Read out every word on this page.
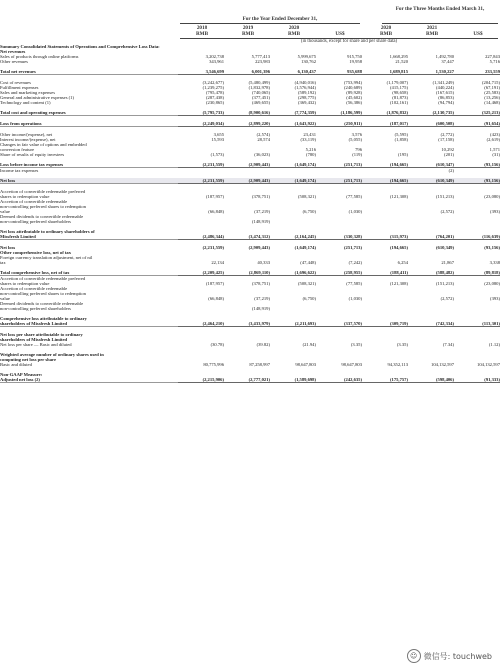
For the Year Ended December 31,
For the Three Months Ended March 31,
2018	2019	2020	2020	2021
RMB	RMB	RMB	US$	RMB	RMB	US$
(in thousands, except for share and per share data)
Summary Consolidated Statements of Operations and Comprehensive Loss Data:							
Net revenues							
Sales of products through online platforms	3,202,738	5,777,413	5,999,675	915,750	1,668,295	1,492,780	227,843
Other revenues	343,961	223,983	130,762	19,958	21,520	37,447	5,716

Total net revenues	3,546,699	6,001,396	6,130,437	935,688	1,689,815	1,530,227	233,559

Cost of revenues	(3,242,677)	(5,480,499)	(4,940,016)	(753,994)	(1,179,007)	(1,341,249)	(204,715)
Fulfillment expenses	(1,239,275)	(1,832,978)	(1,576,944)	(240,689)	(415,175)	(440,224)	(67,191)
Sales and marketing expenses	(795,478)	(740,065)	(589,192)	(89,928)	(98,658)	(167,615)	(25,583)
General and administrative expenses (1)	(287,438)	(377,451)	(298,775)	(45,602)	(81,873)	(86,853)	(13,256)
Technology and content (1)	(230,865)	(469,655)	(369,432)	(56,386)	(102,161)	(94,794)	(14,468)

Total cost and operating expenses	(5,795,733)	(8,900,616)	(7,774,359)	(1,186,599)	(1,876,832)	(2,130,735)	(325,213)

Loss from operations	(2,249,034)	(2,899,220)	(1,643,922)	(250,911)	(187,017)	(600,508)	(91,654)

Other income/(expense), net	3,655	(2,574)	23,431	3,576	(5,595)	(2,772)	(423)
Interest income/(expense), net	15,593	28,574	(33,119)	(5,055)	(1,858)	(17,158)	(2,619)
Changes in fair value of options and embedded							
conversion feature			5,216	796		10,292	1,571
Share of results of equity investees	(1,573)	(36,023)	(780)	(119)	(195)	(201)	(31)

Loss before income tax expenses	(2,231,559)	(2,909,443)	(1,649,174)	(251,713)	(194,665)	(610,347)	(93,156)
Income tax expenses						(2)	

Net loss	(2,231,559)	(2,909,443)	(1,649,174)	(251,713)	(194,665)	(610,349)	(93,156)

Accretion of convertible redeemable preferred							
shares to redemption value	(187,957)	(378,751)	(508,321)	(77,585)	(121,308)	(151,213)	(23,080)
Accretion of convertible redeemable							
non-controlling preferred shares to redemption							
value	(66,848)	(37,219)	(6,750)	(1,030)		(2,572)	(393)
Deemed dividends to convertible redeemable							
non-controlling preferred shareholders		(148,919)					

Net loss attributable to ordinary shareholders of							
Missfresh Limited	(2,486,344)	(3,474,312)	(2,164,245)	(330,328)	(315,973)	(764,201)	(116,639)

Net loss	(2,231,559)	(2,909,443)	(1,649,174)	(251,713)	(194,665)	(610,349)	(93,156)
Other comprehensive loss, net of tax							
Foreign currency translation adjustment, net of nil							
tax	22,134	40,333	(47,448)	(7,242)	6,254	21,867	3,338

Total comprehensive loss, net of tax	(2,209,425)	(2,869,110)	(1,696,622)	(258,955)	(188,411)	(588,482)	(89,818)
Accretion of convertible redeemable preferred							
shares to redemption value	(187,957)	(378,751)	(508,321)	(77,585)	(121,308)	(151,213)	(23,080)
Accretion of convertible redeemable							
non-controlling preferred shares to redemption							
value	(66,848)	(37,219)	(6,750)	(1,030)		(2,572)	(393)
Deemed dividends to convertible redeemable							
non-controlling preferred shareholders		(148,919)					

Comprehensive loss attributable to ordinary							
shareholders of Missfresh Limited	(2,464,210)	(3,433,979)	(2,211,693)	(337,570)	(309,719)	(742,334)	(113,301)

Net loss per share attributable to ordinary							
shareholders of Missfresh Limited							
Net loss per share — Basic and diluted	(30.78)	(39.82)	(21.94)	(3.35)	(3.35)	(7.34)	(1.12)

Weighted average number of ordinary shares used in							
computing net loss per share							
Basic and diluted	80,775,996	87,258,997	98,647,803	98,647,803	94,352,113	104,132,597	104,132,597

Non-GAAP Measure:							
Adjusted net loss (2)	(2,215,906)	(2,777,021)	(1,589,698)	(242,635)	(175,757)	(598,406)	(91,333)
☺ 微信号: touchweb
